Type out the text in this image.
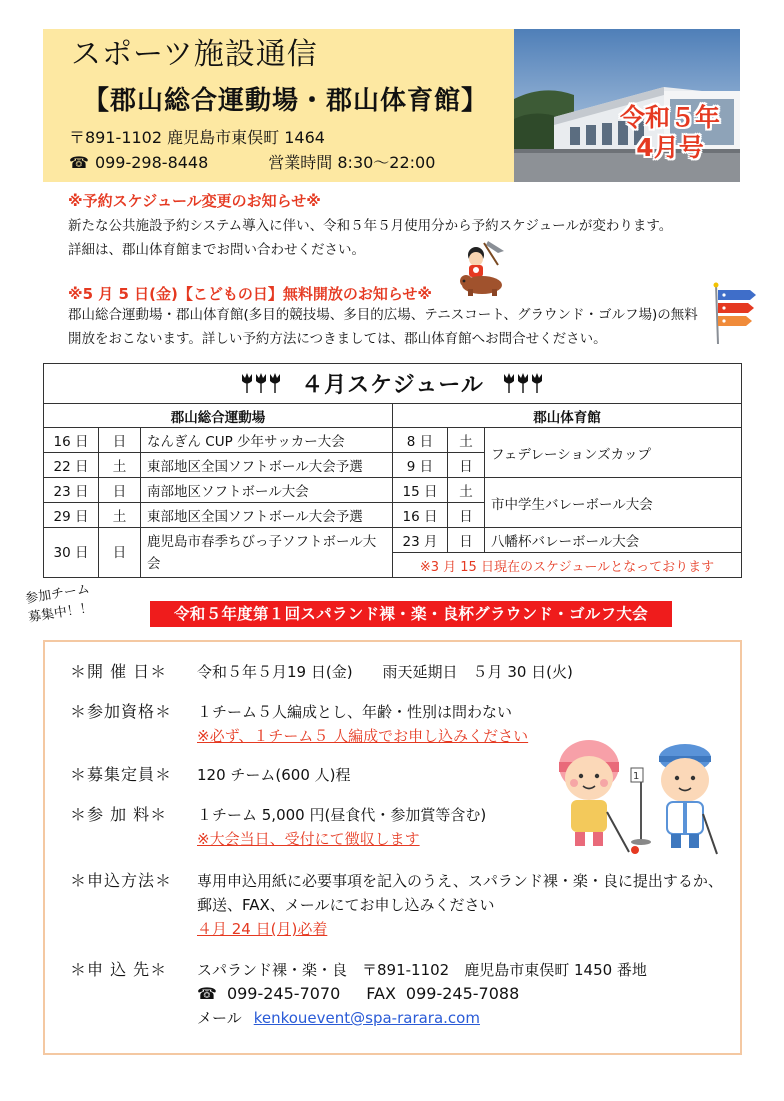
スポーツ施設通信
【郡山総合運動場・郡山体育館】
〒891-1102 鹿児島市東俣町 1464
☎ 099-298-8448	営業時間 8:30～22:00
令和５年
4月号
※予約スケジュール変更のお知らせ※
新たな公共施設予約システム導入に伴い、令和５年５月使用分から予約スケジュールが変わります。
詳細は、郡山体育館までお問い合わせください。
※5 月 5 日(金)【こどもの日】無料開放のお知らせ※
郡山総合運動場・郡山体育館(多目的競技場、多目的広場、テニスコート、グラウンド・ゴルフ場)の無料
開放をおこないます。詳しい予約方法につきましては、郡山体育館へお問合せください。
４月スケジュール					
郡山総合運動場			郡山体育館		
16 日	日	なんぎん CUP 少年サッカー大会	8 日	土	フェデレーションズカップ
22 日	土	東部地区全国ソフトボール大会予選	9 日	日	
23 日	日	南部地区ソフトボール大会	15 日	土	市中学生バレーボール大会
29 日	土	東部地区全国ソフトボール大会予選	16 日	日	
30 日	日	鹿児島市春季ちびっ子ソフトボール大会	23 月	日	八幡杯バレーボール大会
			※3 月 15 日現在のスケジュールとなっております		
参加チーム
募集中！！	令和５年度第１回スパランド裸・楽・良杯グラウンド・ゴルフ大会
＊開 催 日＊ 令和５年５月19 日(金)　　雨天延期日　５月 30 日(火)
＊参加資格＊ １チーム５人編成とし、年齢・性別は問わない
※必ず、１チーム５ 人編成でお申し込みください
＊募集定員＊ 120 チーム(600 人)程
＊参 加 料＊ １チーム 5,000 円(昼食代・参加賞等含む)
※大会当日、受付にて徴収します
＊申込方法＊ 専用申込用紙に必要事項を記入のうえ、スパランド裸・楽・良に提出するか、
郵送、FAX、メールにてお申し込みください
４月 24 日(月)必着
＊申 込 先＊ スパランド裸・楽・良　〒891-1102　鹿児島市東俣町 1450 番地
☎ 099-245-7070 FAX 099-245-7088
メール kenkouevent@spa-rarara.com
1
